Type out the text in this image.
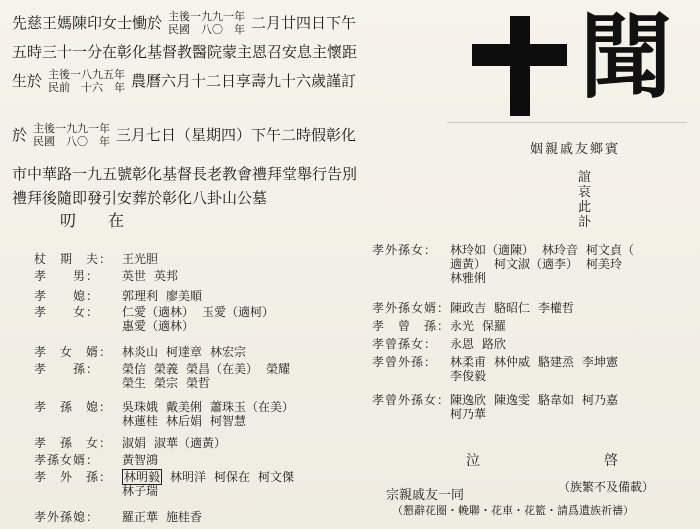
先慈王媽陳印女士慟於 主後一九九一年
民國　八〇　年 二月廿四日下午
五時三十一分在彰化基督教醫院蒙主恩召安息主懷距
生於 主後一八九五年
民前　十六　年 農曆六月十二日享壽九十六歲謹訂
於 主後一九九一年
民國　八〇　年 三月七日（星期四）下午二時假彰化
市中華路一九五號彰化基督長老教會禮拜堂舉行告別
禮拜後隨即發引安葬於彰化八卦山公墓
叨 在
聞
姻親戚友鄉賓
誼哀此訃
杖　期　夫： 王光胆
孝　　男： 英世 英邦
孝　　媳： 郭理利 廖美順
孝　　女： 仁愛（適林） 玉愛（適柯）
惠愛（適林）
孝　女　婿： 林炎山 柯達章 林宏宗
孝　　孫： 榮信 榮義 榮昌（在美） 榮耀
榮生 榮宗 榮哲
孝　孫　媳： 吳珠娥 戴美俐 蕭珠玉（在美）
林蓮桂 林后娟 柯智慧
孝　孫　女： 淑娟 淑華（適黃）
孝孫女婿： 黃智鴻
孝　外　孫： 林明毅 林明洋 柯保在 柯文傑
林子瑞
孝外孫媳： 羅正華 施桂香
孝外孫女： 林玲如（適陳） 林玲音 柯文貞（
適黃） 柯文淑（適李） 柯美玲
林雅俐
孝外孫女婿： 陳政吉 駱昭仁 李權哲
孝　曾　孫： 永光 保羅
孝曾孫女： 永恩 路欣
孝曾外孫： 林柔甫 林仲威 駱建烝 李坤憲
李俊毅
孝曾外孫女： 陳逸欣 陳逸雯 駱韋如 柯乃嘉
柯乃華
泣	啓
宗親戚友一同
（族繁不及備載）
（懇辭花圈・輓聯・花車・花籃・請爲遺族祈禱）
